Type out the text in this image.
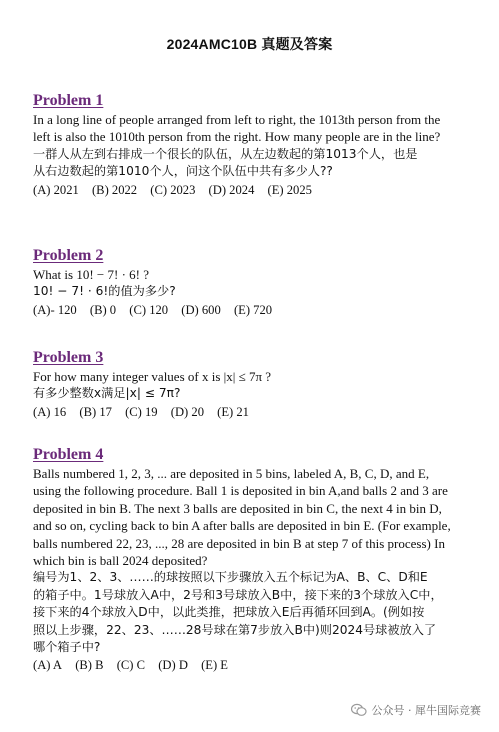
2024AMC10B 真题及答案
Problem 1
In a long line of people arranged from left to right, the 1013th person from the
left is also the 1010th person from the right. How many people are in the line?
一群人从左到右排成一个很长的队伍，从左边数起的第1013个人，也是
从右边数起的第1010个人，问这个队伍中共有多少人??
(A) 2021 (B) 2022 (C) 2023 (D) 2024 (E) 2025
Problem 2
What is 10! − 7! · 6! ?
10! − 7! · 6!的值为多少?
(A)- 120 (B) 0 (C) 120 (D) 600 (E) 720
Problem 3
For how many integer values of x is |x| ≤ 7π ?
有多少整数x满足|x| ≤ 7π?
(A) 16 (B) 17 (C) 19 (D) 20 (E) 21
Problem 4
Balls numbered 1, 2, 3, ... are deposited in 5 bins, labeled A, B, C, D, and E,
using the following procedure. Ball 1 is deposited in bin A,and balls 2 and 3 are
deposited in bin B. The next 3 balls are deposited in bin C, the next 4 in bin D,
and so on, cycling back to bin A after balls are deposited in bin E. (For example,
balls numbered 22, 23, ..., 28 are deposited in bin B at step 7 of this process) In
which bin is ball 2024 deposited?
编号为1、2、3、……的球按照以下步骤放入五个标记为A、B、C、D和E
的箱子中。1号球放入A中，2号和3号球放入B中，接下来的3个球放入C中，
接下来的4个球放入D中，以此类推，把球放入E后再循环回到A。(例如按
照以上步骤，22、23、……28号球在第7步放入B中)则2024号球被放入了
哪个箱子中?
(A) A (B) B (C) C (D) D (E) E
公众号 · 犀牛国际竞赛
